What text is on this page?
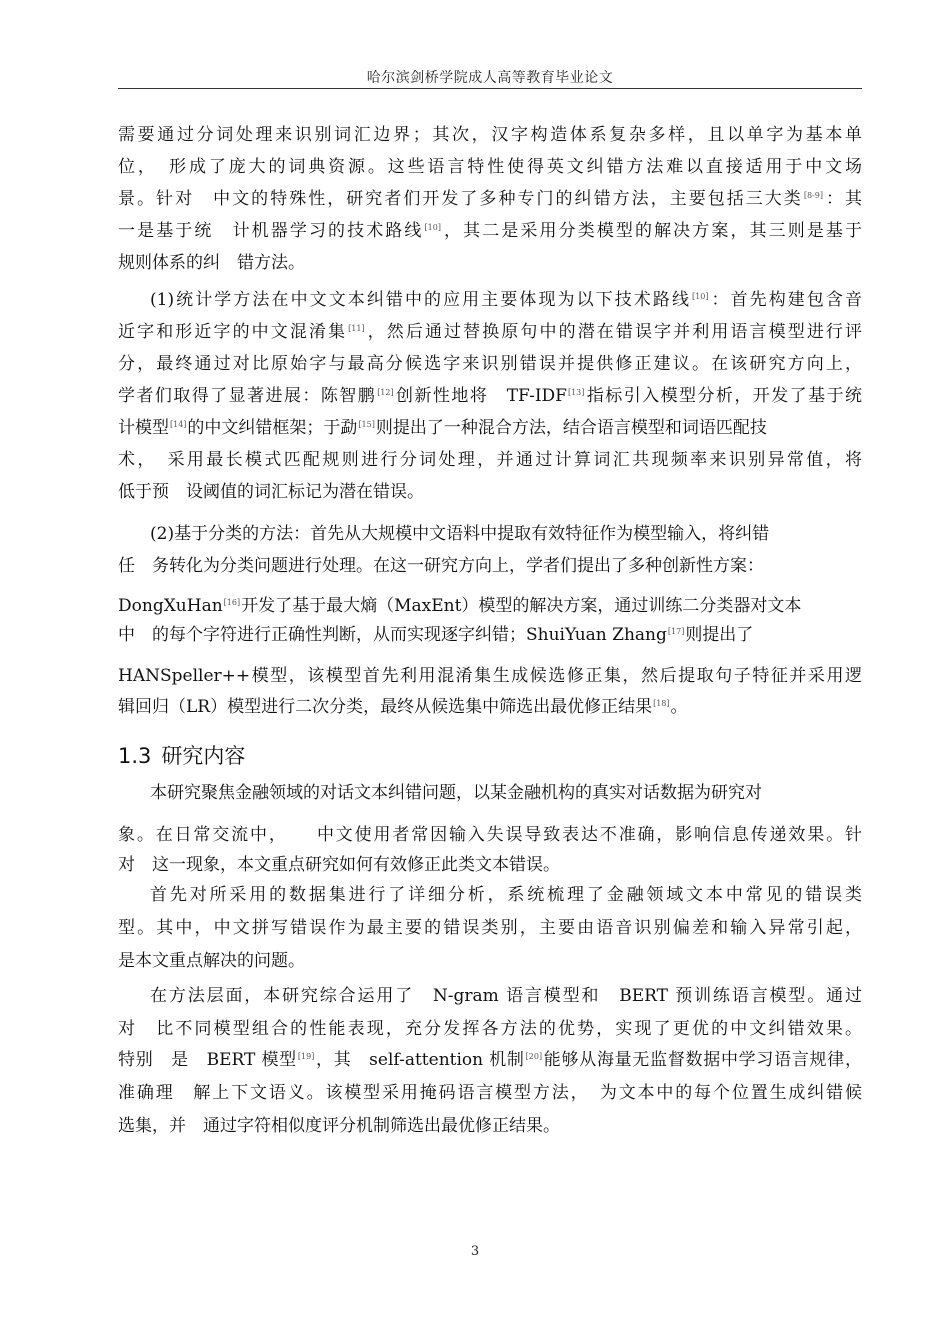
哈尔滨剑桥学院成人高等教育毕业论文
需要通过分词处理来识别词汇边界；其次，汉字构造体系复杂多样，且以单字为基本单
位，　形成了庞大的词典资源。这些语言特性使得英文纠错方法难以直接适用于中文场
景。针对　中文的特殊性，研究者们开发了多种专门的纠错方法，主要包括三大类[8-9]：其
一是基于统　计机器学习的技术路线[10]，其二是采用分类模型的解决方案，其三则是基于
规则体系的纠　错方法。
(1)统计学方法在中文文本纠错中的应用主要体现为以下技术路线[10]：首先构建包含音
近字和形近字的中文混淆集[11]，然后通过替换原句中的潜在错误字并利用语言模型进行评
分，最终通过对比原始字与最高分候选字来识别错误并提供修正建议。在该研究方向上，
学者们取得了显著进展：陈智鹏[12]创新性地将　TF-IDF[13]指标引入模型分析，开发了基于统
计模型[14]的中文纠错框架；于勐[15]则提出了一种混合方法，结合语言模型和词语匹配技
术，　采用最长模式匹配规则进行分词处理，并通过计算词汇共现频率来识别异常值，将
低于预　设阈值的词汇标记为潜在错误。
(2)基于分类的方法：首先从大规模中文语料中提取有效特征作为模型输入，将纠错
任　务转化为分类问题进行处理。在这一研究方向上，学者们提出了多种创新性方案：
DongXuHan[16]开发了基于最大熵（MaxEnt）模型的解决方案，通过训练二分类器对文本
中　的每个字符进行正确性判断，从而实现逐字纠错；ShuiYuan Zhang[17]则提出了
HANSpeller++模型，该模型首先利用混淆集生成候选修正集，然后提取句子特征并采用逻
辑回归（LR）模型进行二次分类，最终从候选集中筛选出最优修正结果[18]。
1.3 研究内容
本研究聚焦金融领域的对话文本纠错问题，以某金融机构的真实对话数据为研究对
象。在日常交流中，　　中文使用者常因输入失误导致表达不准确，影响信息传递效果。针
对　这一现象，本文重点研究如何有效修正此类文本错误。
首先对所采用的数据集进行了详细分析，系统梳理了金融领域文本中常见的错误类
型。其中，中文拼写错误作为最主要的错误类别，主要由语音识别偏差和输入异常引起，
是本文重点解决的问题。
在方法层面，本研究综合运用了　N-gram 语言模型和　BERT 预训练语言模型。通过
对　比不同模型组合的性能表现，充分发挥各方法的优势，实现了更优的中文纠错效果。
特别　是　BERT 模型[19]，其　self-attention 机制[20]能够从海量无监督数据中学习语言规律，
准确理　解上下文语义。该模型采用掩码语言模型方法，　为文本中的每个位置生成纠错候
选集，并　通过字符相似度评分机制筛选出最优修正结果。
3
